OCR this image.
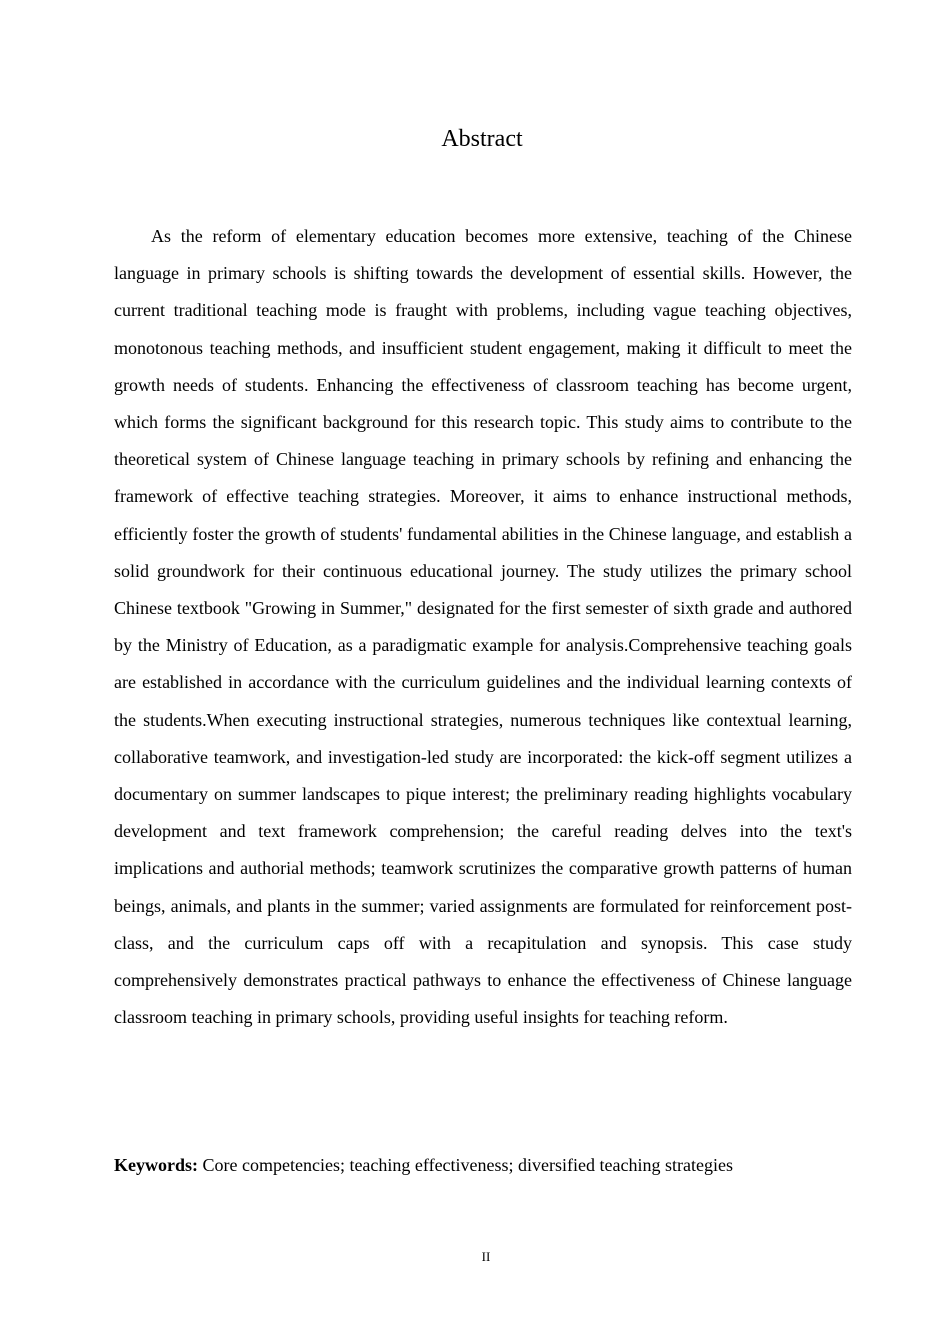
Abstract

As the reform of elementary education becomes more extensive, teaching of the Chinese language in primary schools is shifting towards the development of essential skills. However, the current traditional teaching mode is fraught with problems, including vague teaching objectives, monotonous teaching methods, and insufficient student engagement, making it difficult to meet the growth needs of students. Enhancing the effectiveness of classroom teaching has become urgent, which forms the significant background for this research topic. This study aims to contribute to the theoretical system of Chinese language teaching in primary schools by refining and enhancing the framework of effective teaching strategies. Moreover, it aims to enhance instructional methods, efficiently foster the growth of students' fundamental abilities in the Chinese language, and establish a solid groundwork for their continuous educational journey. The study utilizes the primary school Chinese textbook "Growing in Summer," designated for the first semester of sixth grade and authored by the Ministry of Education, as a paradigmatic example for analysis.Comprehensive teaching goals are established in accordance with the curriculum guidelines and the individual learning contexts of the students.When executing instructional strategies, numerous techniques like contextual learning, collaborative teamwork, and investigation-led study are incorporated: the kick-off segment utilizes a documentary on summer landscapes to pique interest; the preliminary reading highlights vocabulary development and text framework comprehension; the careful reading delves into the text's implications and authorial methods; teamwork scrutinizes the comparative growth patterns of human beings, animals, and plants in the summer; varied assignments are formulated for reinforcement post-class, and the curriculum caps off with a recapitulation and synopsis. This case study comprehensively demonstrates practical pathways to enhance the effectiveness of Chinese language classroom teaching in primary schools, providing useful insights for teaching reform.

Keywords: Core competencies; teaching effectiveness; diversified teaching strategies

II
